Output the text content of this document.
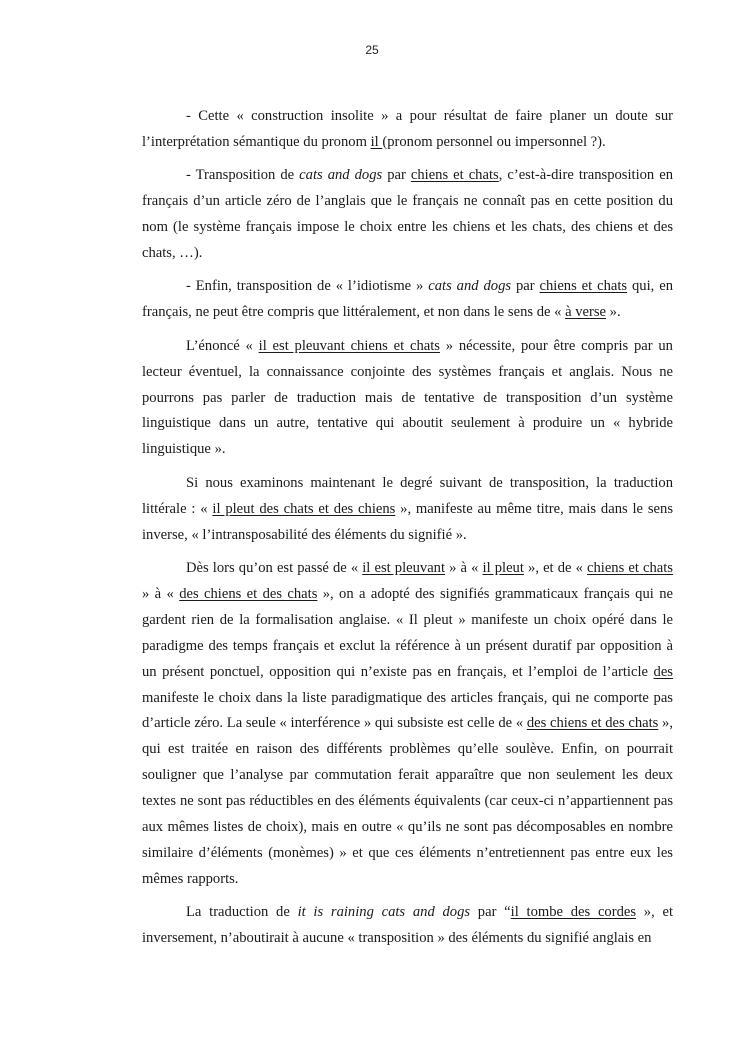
25

- Cette « construction insolite » a pour résultat de faire planer un doute sur l’interprétation sémantique du pronom il (pronom personnel ou impersonnel ?).

- Transposition de cats and dogs par chiens et chats, c’est-à-dire transposition en français d’un article zéro de l’anglais que le français ne connaît pas en cette position du nom (le système français impose le choix entre les chiens et les chats, des chiens et des chats, …).

- Enfin, transposition de « l’idiotisme » cats and dogs par chiens et chats qui, en français, ne peut être compris que littéralement, et non dans le sens de « à verse ».

L’énoncé « il est pleuvant chiens et chats » nécessite, pour être compris par un lecteur éventuel, la connaissance conjointe des systèmes français et anglais. Nous ne pourrons pas parler de traduction mais de tentative de transposition d’un système linguistique dans un autre, tentative qui aboutit seulement à produire un « hybride linguistique ».

Si nous examinons maintenant le degré suivant de transposition, la traduction littérale : « il pleut des chats et des chiens », manifeste au même titre, mais dans le sens inverse, « l’intransposabilité des éléments du signifié ».

Dès lors qu’on est passé de « il est pleuvant » à « il pleut », et de « chiens et chats » à « des chiens et des chats », on a adopté des signifiés grammaticaux français qui ne gardent rien de la formalisation anglaise. « Il pleut » manifeste un choix opéré dans le paradigme des temps français et exclut la référence à un présent duratif par opposition à un présent ponctuel, opposition qui n’existe pas en français, et l’emploi de l’article des manifeste le choix dans la liste paradigmatique des articles français, qui ne comporte pas d’article zéro. La seule « interférence » qui subsiste est celle de « des chiens et des chats », qui est traitée en raison des différents problèmes qu’elle soulève. Enfin, on pourrait souligner que l’analyse par commutation ferait apparaître que non seulement les deux textes ne sont pas réductibles en des éléments équivalents (car ceux-ci n’appartiennent pas aux mêmes listes de choix), mais en outre « qu’ils ne sont pas décomposables en nombre similaire d’éléments (monèmes) » et que ces éléments n’entretiennent pas entre eux les mêmes rapports.

La traduction de it is raining cats and dogs par “il tombe des cordes », et inversement, n’aboutirait à aucune « transposition » des éléments du signifié anglais en
